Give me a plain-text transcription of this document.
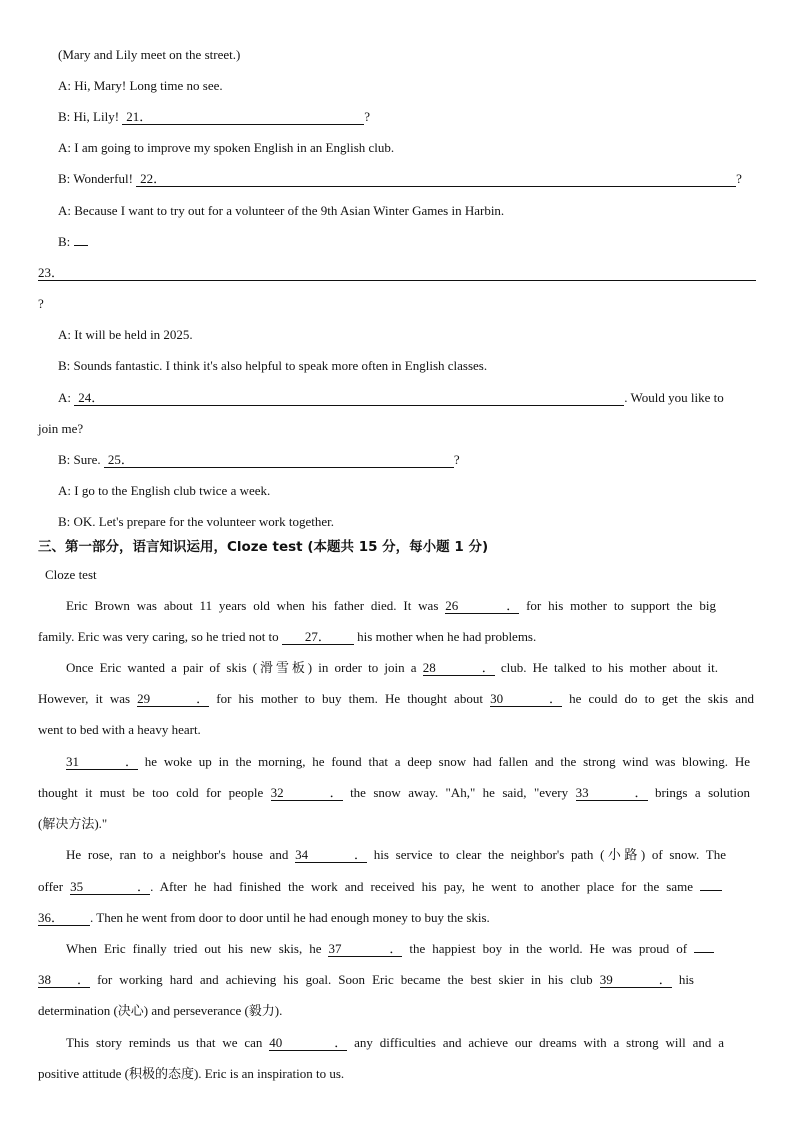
(Mary and Lily meet on the street.)
A: Hi, Mary! Long time no see.
B: Hi, Lily! 21．	?
A: I am going to improve my spoken English in an English club.
B: Wonderful! 22．	?
A: Because I want to try out for a volunteer of the 9th Asian Winter Games in Harbin.
B:
23．
?
A: It will be held in 2025.
B: Sounds fantastic. I think it's also helpful to speak more often in English classes.
A: 24．	. Would you like to
join me?
B: Sure. 25．	?
A: I go to the English club twice a week.
B: OK. Let's prepare for the volunteer work together.
三、第一部分，语言知识运用，Cloze test (本题共 15 分，每小题 1 分)
Cloze test
Eric Brown was about 11 years old when his father died. It was 26． for his mother to support the big
family. Eric was very caring, so he tried not to 27． his mother when he had problems.
Once Eric wanted a pair of skis (滑雪板) in order to join a 28． club. He talked to his mother about it.
However, it was 29． for his mother to buy them. He thought about 30． he could do to get the skis and
went to bed with a heavy heart.
31． he woke up in the morning, he found that a deep snow had fallen and the strong wind was blowing. He
thought it must be too cold for people 32． the snow away. "Ah," he said, "every 33． brings a solution
(解决方法)."
He rose, ran to a neighbor's house and 34． his service to clear the neighbor's path (小路) of snow. The
offer 35．. After he had finished the work and received his pay, he went to another place for the same
36． . Then he went from door to door until he had enough money to buy the skis.
When Eric finally tried out his new skis, he 37． the happiest boy in the world. He was proud of
38． for working hard and achieving his goal. Soon Eric became the best skier in his club 39． his
determination (决心) and perseverance (毅力).
This story reminds us that we can 40． any difficulties and achieve our dreams with a strong will and a
positive attitude (积极的态度). Eric is an inspiration to us.
